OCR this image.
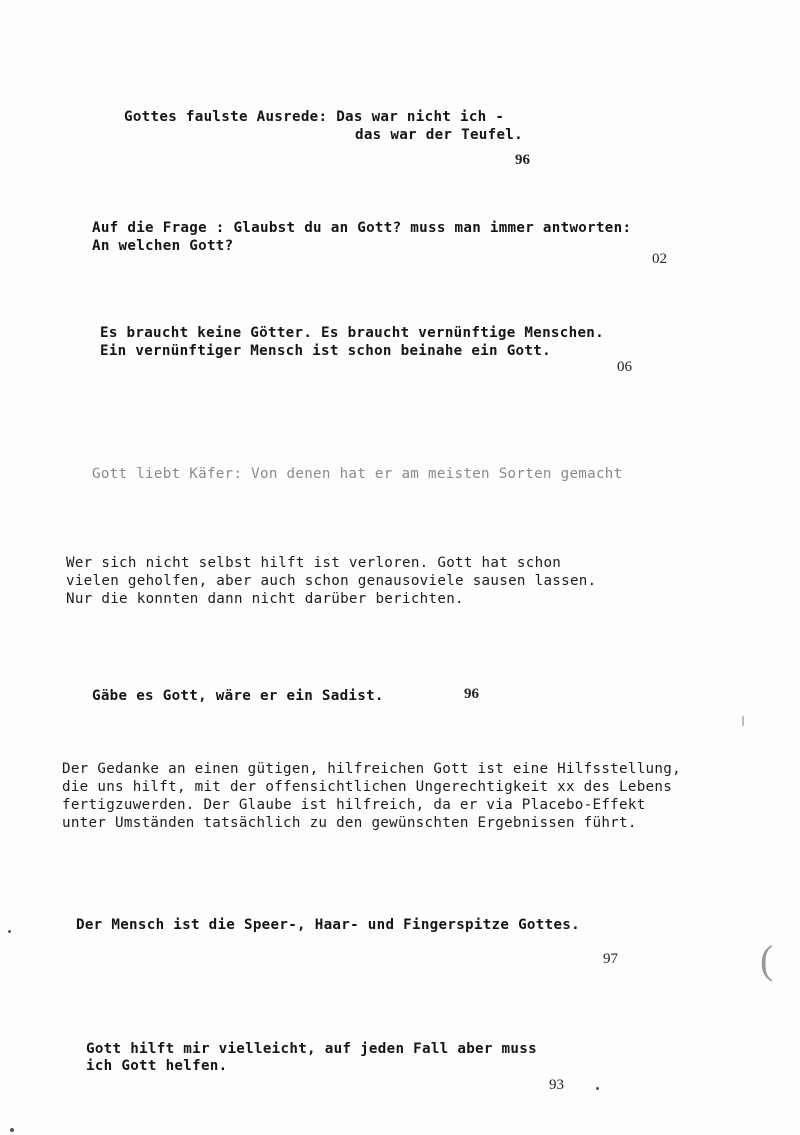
Gottes faulste Ausrede: Das war nicht ich -
das war der Teufel.
96
Auf die Frage : Glaubst du an Gott? muss man immer antworten:
An welchen Gott?
02
Es braucht keine Götter. Es braucht vernünftige Menschen.
Ein vernünftiger Mensch ist schon beinahe ein Gott.
06
Gott liebt Käfer: Von denen hat er am meisten Sorten gemacht
Wer sich nicht selbst hilft ist verloren. Gott hat schon
vielen geholfen, aber auch schon genausoviele sausen lassen.
Nur die konnten dann nicht darüber berichten.
Gäbe es Gott, wäre er ein Sadist.	96
Der Gedanke an einen gütigen, hilfreichen Gott ist eine Hilfsstellung,
die uns hilft, mit der offensichtlichen Ungerechtigkeit xx des Lebens
fertigzuwerden. Der Glaube ist hilfreich, da er via Placebo-Effekt
unter Umständen tatsächlich zu den gewünschten Ergebnissen führt.
Der Mensch ist die Speer-, Haar- und Fingerspitze Gottes.
97
Gott hilft mir vielleicht, auf jeden Fall aber muss
ich Gott helfen.
93
(
